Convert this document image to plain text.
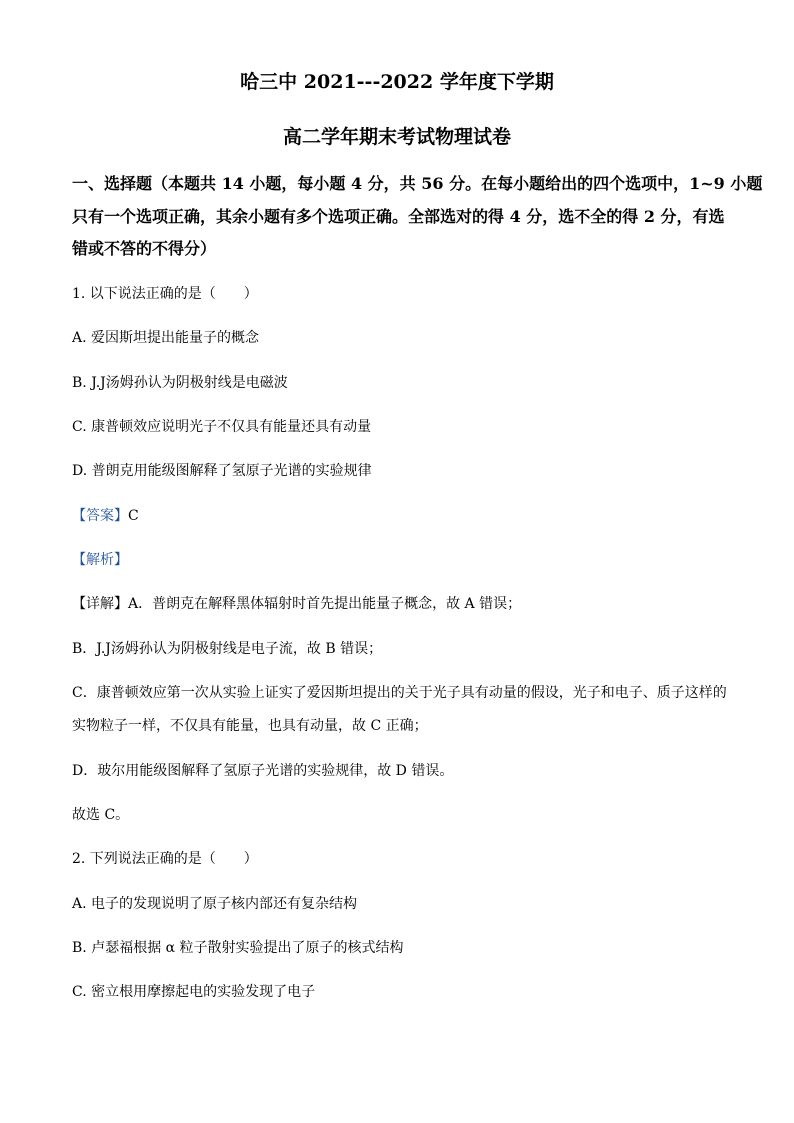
哈三中 2021---2022 学年度下学期
高二学年期末考试物理试卷
一、选择题（本题共 14 小题，每小题 4 分，共 56 分。在每小题给出的四个选项中，1~9 小题
只有一个选项正确，其余小题有多个选项正确。全部选对的得 4 分，选不全的得 2 分，有选
错或不答的不得分）
1. 以下说法正确的是（　　）
A. 爱因斯坦提出能量子的概念
B. J.J汤姆孙认为阴极射线是电磁波
C. 康普顿效应说明光子不仅具有能量还具有动量
D. 普朗克用能级图解释了氢原子光谱的实验规律
【答案】C
【解析】
【详解】A．普朗克在解释黑体辐射时首先提出能量子概念，故 A 错误；
B．J.J汤姆孙认为阴极射线是电子流，故 B 错误；
C．康普顿效应第一次从实验上证实了爱因斯坦提出的关于光子具有动量的假设，光子和电子、质子这样的
实物粒子一样，不仅具有能量，也具有动量，故 C 正确；
D．玻尔用能级图解释了氢原子光谱的实验规律，故 D 错误。
故选 C。
2. 下列说法正确的是（　　）
A. 电子的发现说明了原子核内部还有复杂结构
B. 卢瑟福根据 α 粒子散射实验提出了原子的核式结构
C. 密立根用摩擦起电的实验发现了电子
